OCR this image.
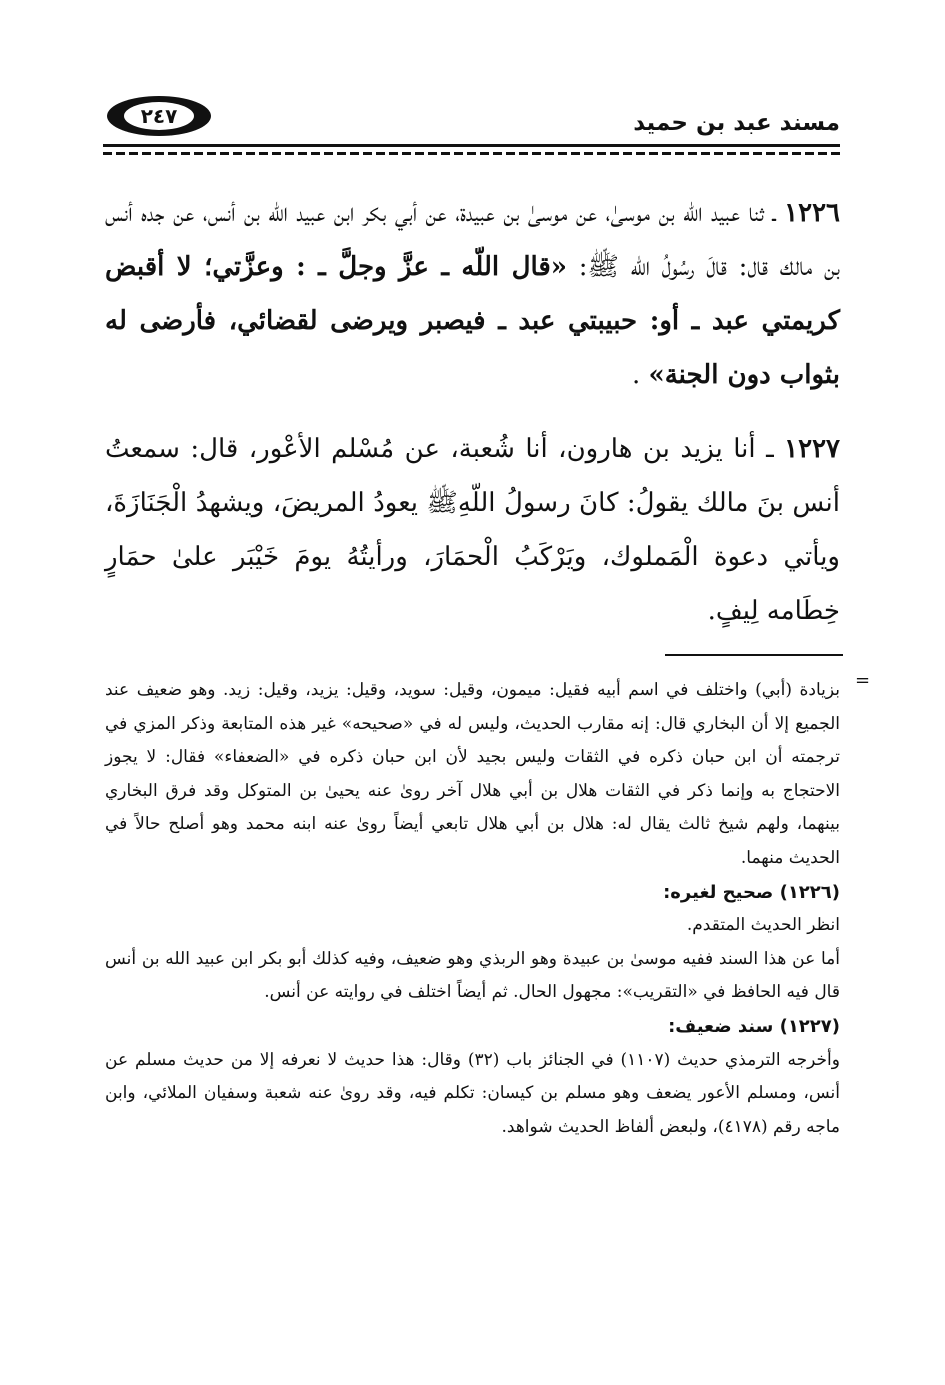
مسند عبد بن حميد
٢٤٧

١٢٢٦ ـ ثنا عبيد اللّه بن موسىٰ، عن موسىٰ بن عبيدة، عن أبي بكر ابن عبيد اللّه بن أنس، عن جده أنس بن مالك قال: قالَ رسُولُ اللّه ﷺ: «قال اللّه ـ عزَّ وجلَّ ـ : وعزَّتي؛ لا أقبض كريمتي عبد ـ أو: حبيبتي عبد ـ فيصبر ويرضى لقضائي، فأرضى له بثواب دون الجنة» .

١٢٢٧ ـ أنا يزيد بن هارون، أنا شُعبة، عن مُسْلم الأعْور، قال: سمعتُ أنس بنَ مالك يقولُ: كانَ رسولُ اللّهِﷺ يعودُ المريضَ، ويشهدُ الْجَنَازَةَ، ويأتي دعوة الْمَملوك، ويَرْكَبُ الْحمَارَ، ورأيتُهُ يومَ خَيْبَر علىٰ حمَارٍ خِطَامه لِيفٍ.

=

بزيادة (أبي) واختلف في اسم أبيه فقيل: ميمون، وقيل: سويد، وقيل: يزيد، وقيل: زيد. وهو ضعيف عند الجميع إلا أن البخاري قال: إنه مقارب الحديث، وليس له في «صحيحه» غير هذه المتابعة وذكر المزي في ترجمته أن ابن حبان ذكره في الثقات وليس بجيد لأن ابن حبان ذكره في «الضعفاء» فقال: لا يجوز الاحتجاج به وإنما ذكر في الثقات هلال بن أبي هلال آخر روىٰ عنه يحيىٰ بن المتوكل وقد فرق البخاري بينهما، ولهم شيخ ثالث يقال له: هلال بن أبي هلال تابعي أيضاً روىٰ عنه ابنه محمد وهو أصلح حالاً في الحديث منهما.

(١٢٢٦) صحيح لغيره:

انظر الحديث المتقدم.

أما عن هذا السند ففيه موسىٰ بن عبيدة وهو الربذي وهو ضعيف، وفيه كذلك أبو بكر ابن عبيد الله بن أنس قال فيه الحافظ في «التقريب»: مجهول الحال. ثم أيضاً اختلف في روايته عن أنس.

(١٢٢٧) سند ضعيف:

وأخرجه الترمذي حديث (١١٠٧) في الجنائز باب (٣٢) وقال: هذا حديث لا نعرفه إلا من حديث مسلم عن أنس، ومسلم الأعور يضعف وهو مسلم بن كيسان: تكلم فيه، وقد روىٰ عنه شعبة وسفيان الملائي، وابن ماجه رقم (٤١٧٨)، ولبعض ألفاظ الحديث شواهد.
